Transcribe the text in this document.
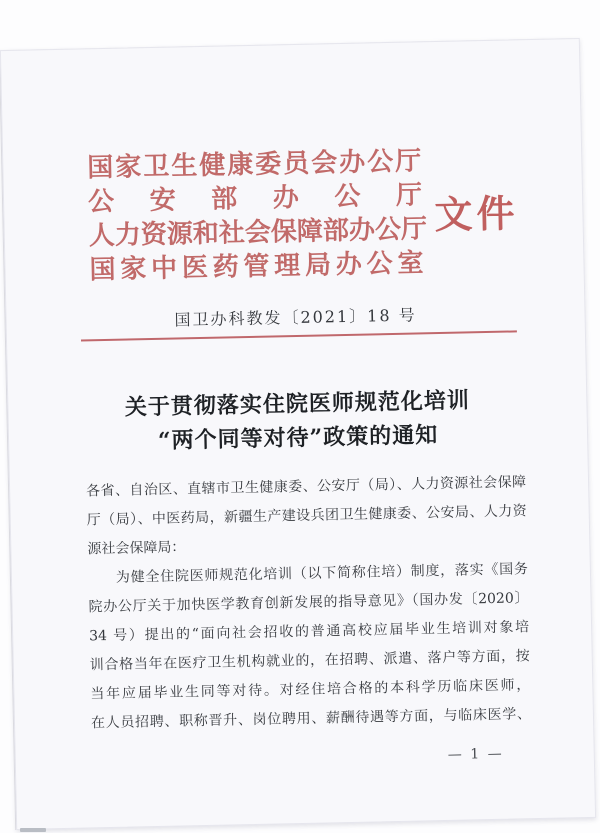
国 家 卫 生 健 康 委 员 会 办 公 厅
公 安 部 办 公 厅
人 力 资 源 和 社 会 保 障 部 办 公 厅
国 家 中 医 药 管 理 局 办 公 室
文件
国卫办科教发〔2021〕18 号
关于贯彻落实住院医师规范化培训
“两个同等对待”政策的通知
各省、自治区、直辖市卫生健康委、公安厅（局）、人力资源社会保障
厅（局）、中医药局，新疆生产建设兵团卫生健康委、公安局、人力资
源社会保障局：
为健全住院医师规范化培训（以下简称住培）制度，落实《国务
院办公厅关于加快医学教育创新发展的指导意见》（国办发〔2020〕
34 号）提出的“面向社会招收的普通高校应届毕业生培训对象培
训合格当年在医疗卫生机构就业的，在招聘、派遣、落户等方面，按
当年应届毕业生同等对待。对经住培合格的本科学历临床医师，
在人员招聘、职称晋升、岗位聘用、薪酬待遇等方面，与临床医学、
— 1 —
